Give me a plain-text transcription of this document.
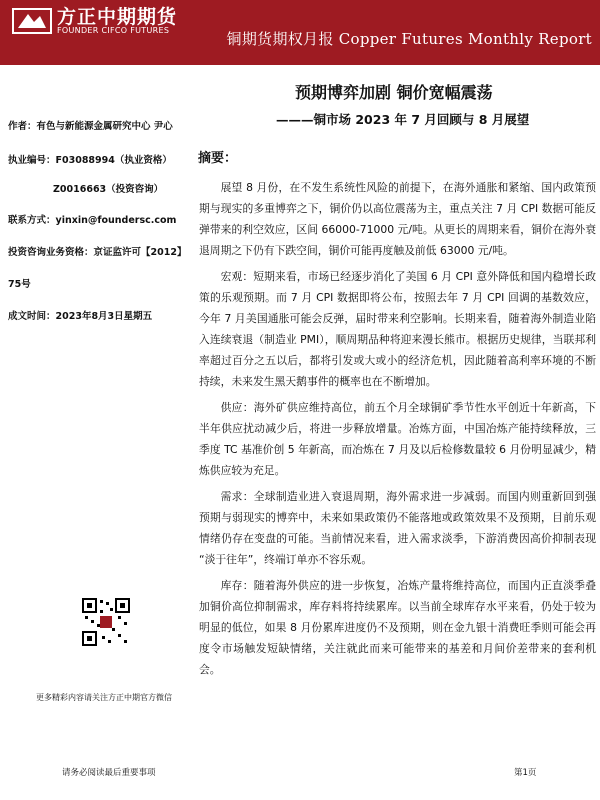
方正中期期货
FOUNDER CIFCO FUTURES	铜期货期权月报 Copper Futures Monthly Report
预期博弈加剧 铜价宽幅震荡
———铜市场 2023 年 7 月回顾与 8 月展望
作者：有色与新能源金属研究中心 尹心
执业编号：F03088994（执业资格）
Z0016663（投资咨询）
联系方式：yinxin@foundersc.com
投资咨询业务资格：京证监许可【2012】
75号
成文时间：2023年8月3日星期五
更多精彩内容请关注方正中期官方微信
摘要：

展望 8 月份，在不发生系统性风险的前提下，在海外通胀和紧缩、国内政策预期与现实的多重博弈之下，铜价仍以高位震荡为主，重点关注 7 月 CPI 数据可能反弹带来的利空效应，区间 66000-71000 元/吨。从更长的周期来看，铜价在海外衰退周期之下仍有下跌空间，铜价可能再度触及前低 63000 元/吨。

宏观：短期来看，市场已经逐步消化了美国 6 月 CPI 意外降低和国内稳增长政策的乐观预期。而 7 月 CPI 数据即将公布，按照去年 7 月 CPI 回调的基数效应，今年 7 月美国通胀可能会反弹，届时带来利空影响。长期来看，随着海外制造业陷入连续衰退（制造业 PMI），顺周期品种将迎来漫长熊市。根据历史规律，当联邦利率超过百分之五以后，都将引发或大或小的经济危机，因此随着高利率环境的不断持续，未来发生黑天鹅事件的概率也在不断增加。

供应：海外矿供应维持高位，前五个月全球铜矿季节性水平创近十年新高，下半年供应扰动减少后，将进一步释放增量。冶炼方面，中国冶炼产能持续释放，三季度 TC 基准价创 5 年新高，而冶炼在 7 月及以后检修数量较 6 月份明显减少，精炼供应较为充足。

需求：全球制造业进入衰退周期，海外需求进一步减弱。而国内则重新回到强预期与弱现实的博弈中，未来如果政策仍不能落地或政策效果不及预期，目前乐观情绪仍存在变盘的可能。当前情况来看，进入需求淡季，下游消费因高价抑制表现 “淡于往年”，终端订单亦不容乐观。

库存：随着海外供应的进一步恢复，冶炼产量将维持高位，而国内正直淡季叠加铜价高位抑制需求，库存料将持续累库。以当前全球库存水平来看，仍处于较为明显的低位，如果 8 月份累库进度仍不及预期，则在金九银十消费旺季则可能会再度令市场触发短缺情绪，关注就此而来可能带来的基差和月间价差带来的套利机会。

请务必阅读最后重要事项	第1页
